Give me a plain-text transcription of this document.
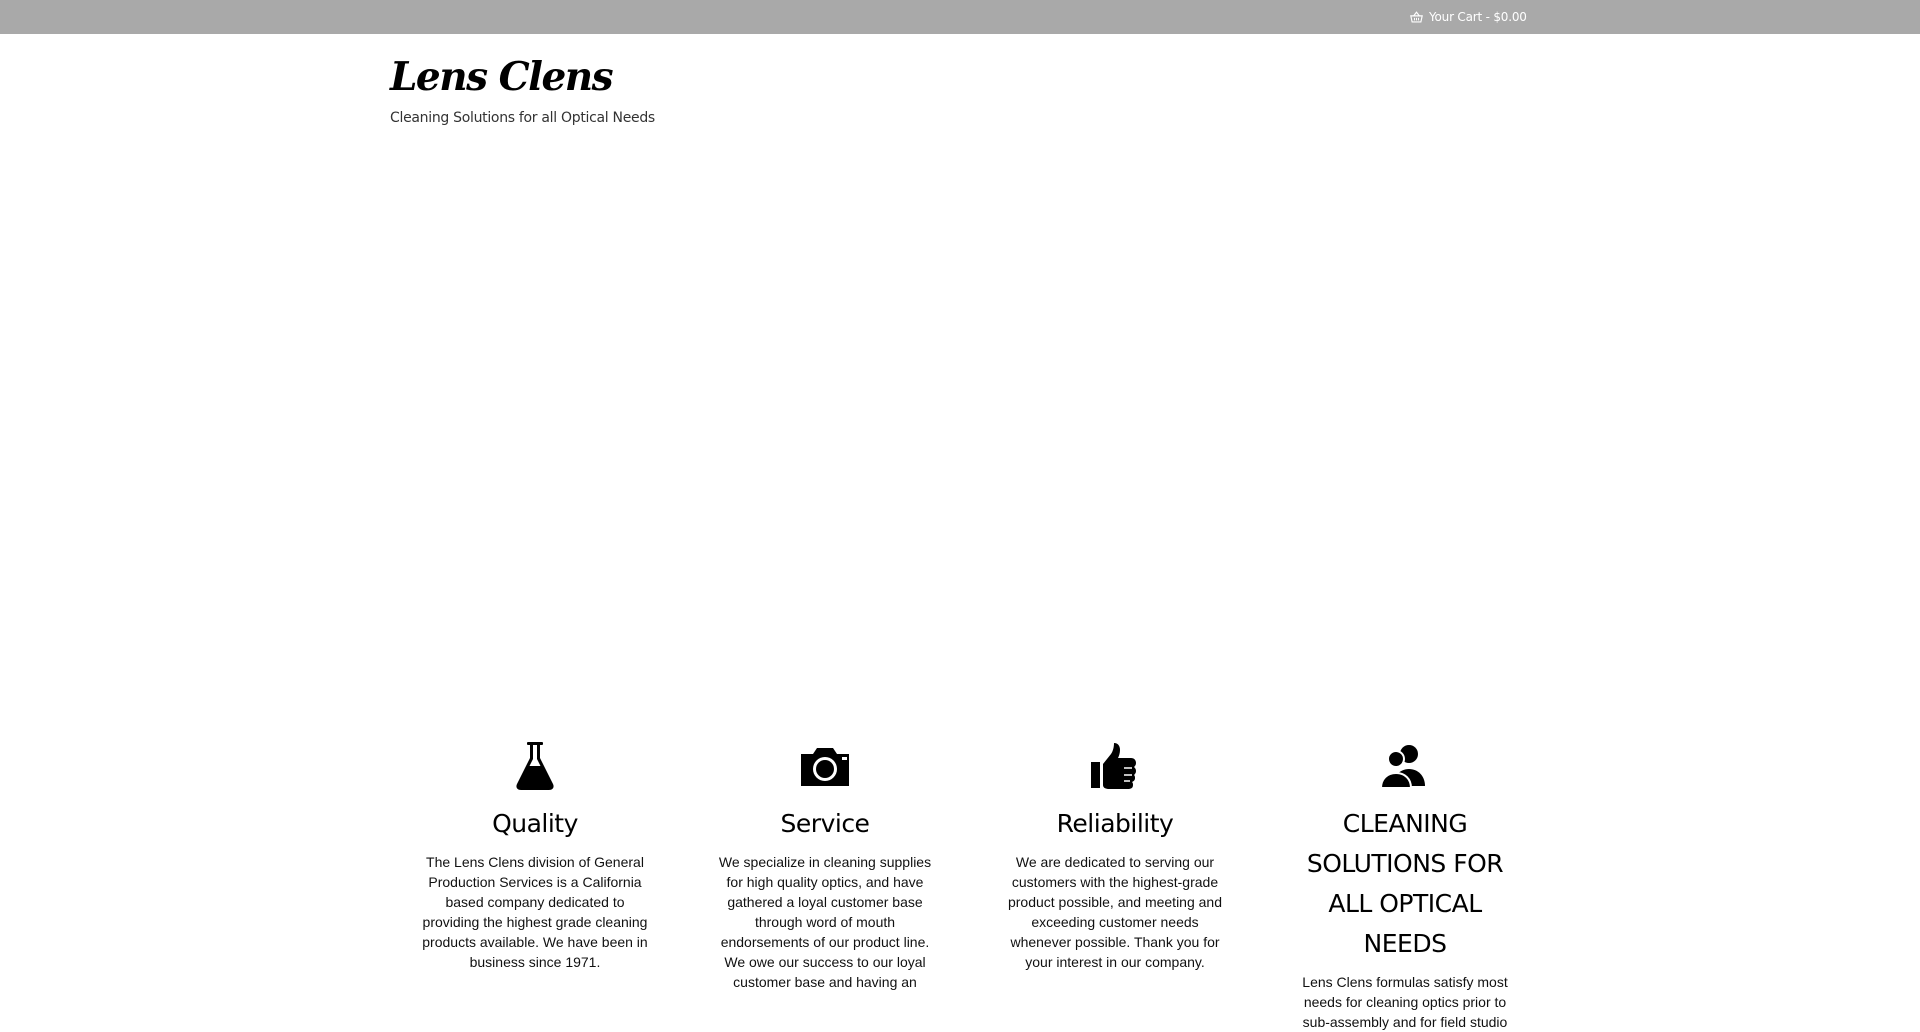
Your Cart - $0.00
Lens Clens
Cleaning Solutions for all Optical Needs
Quality

The Lens Clens division of General Production Services is a California based company dedicated to providing the highest grade cleaning products available. We have been in business since 1971.

Service

We specialize in cleaning supplies for high quality optics, and have gathered a loyal customer base through word of mouth endorsements of our product line. We owe our success to our loyal customer base and having an

Reliability

We are dedicated to serving our customers with the highest-grade product possible, and meeting and exceeding customer needs whenever possible. Thank you for your interest in our company.

CLEANING SOLUTIONS FOR ALL OPTICAL NEEDS

Lens Clens formulas satisfy most needs for cleaning optics prior to sub-assembly and for field studio
